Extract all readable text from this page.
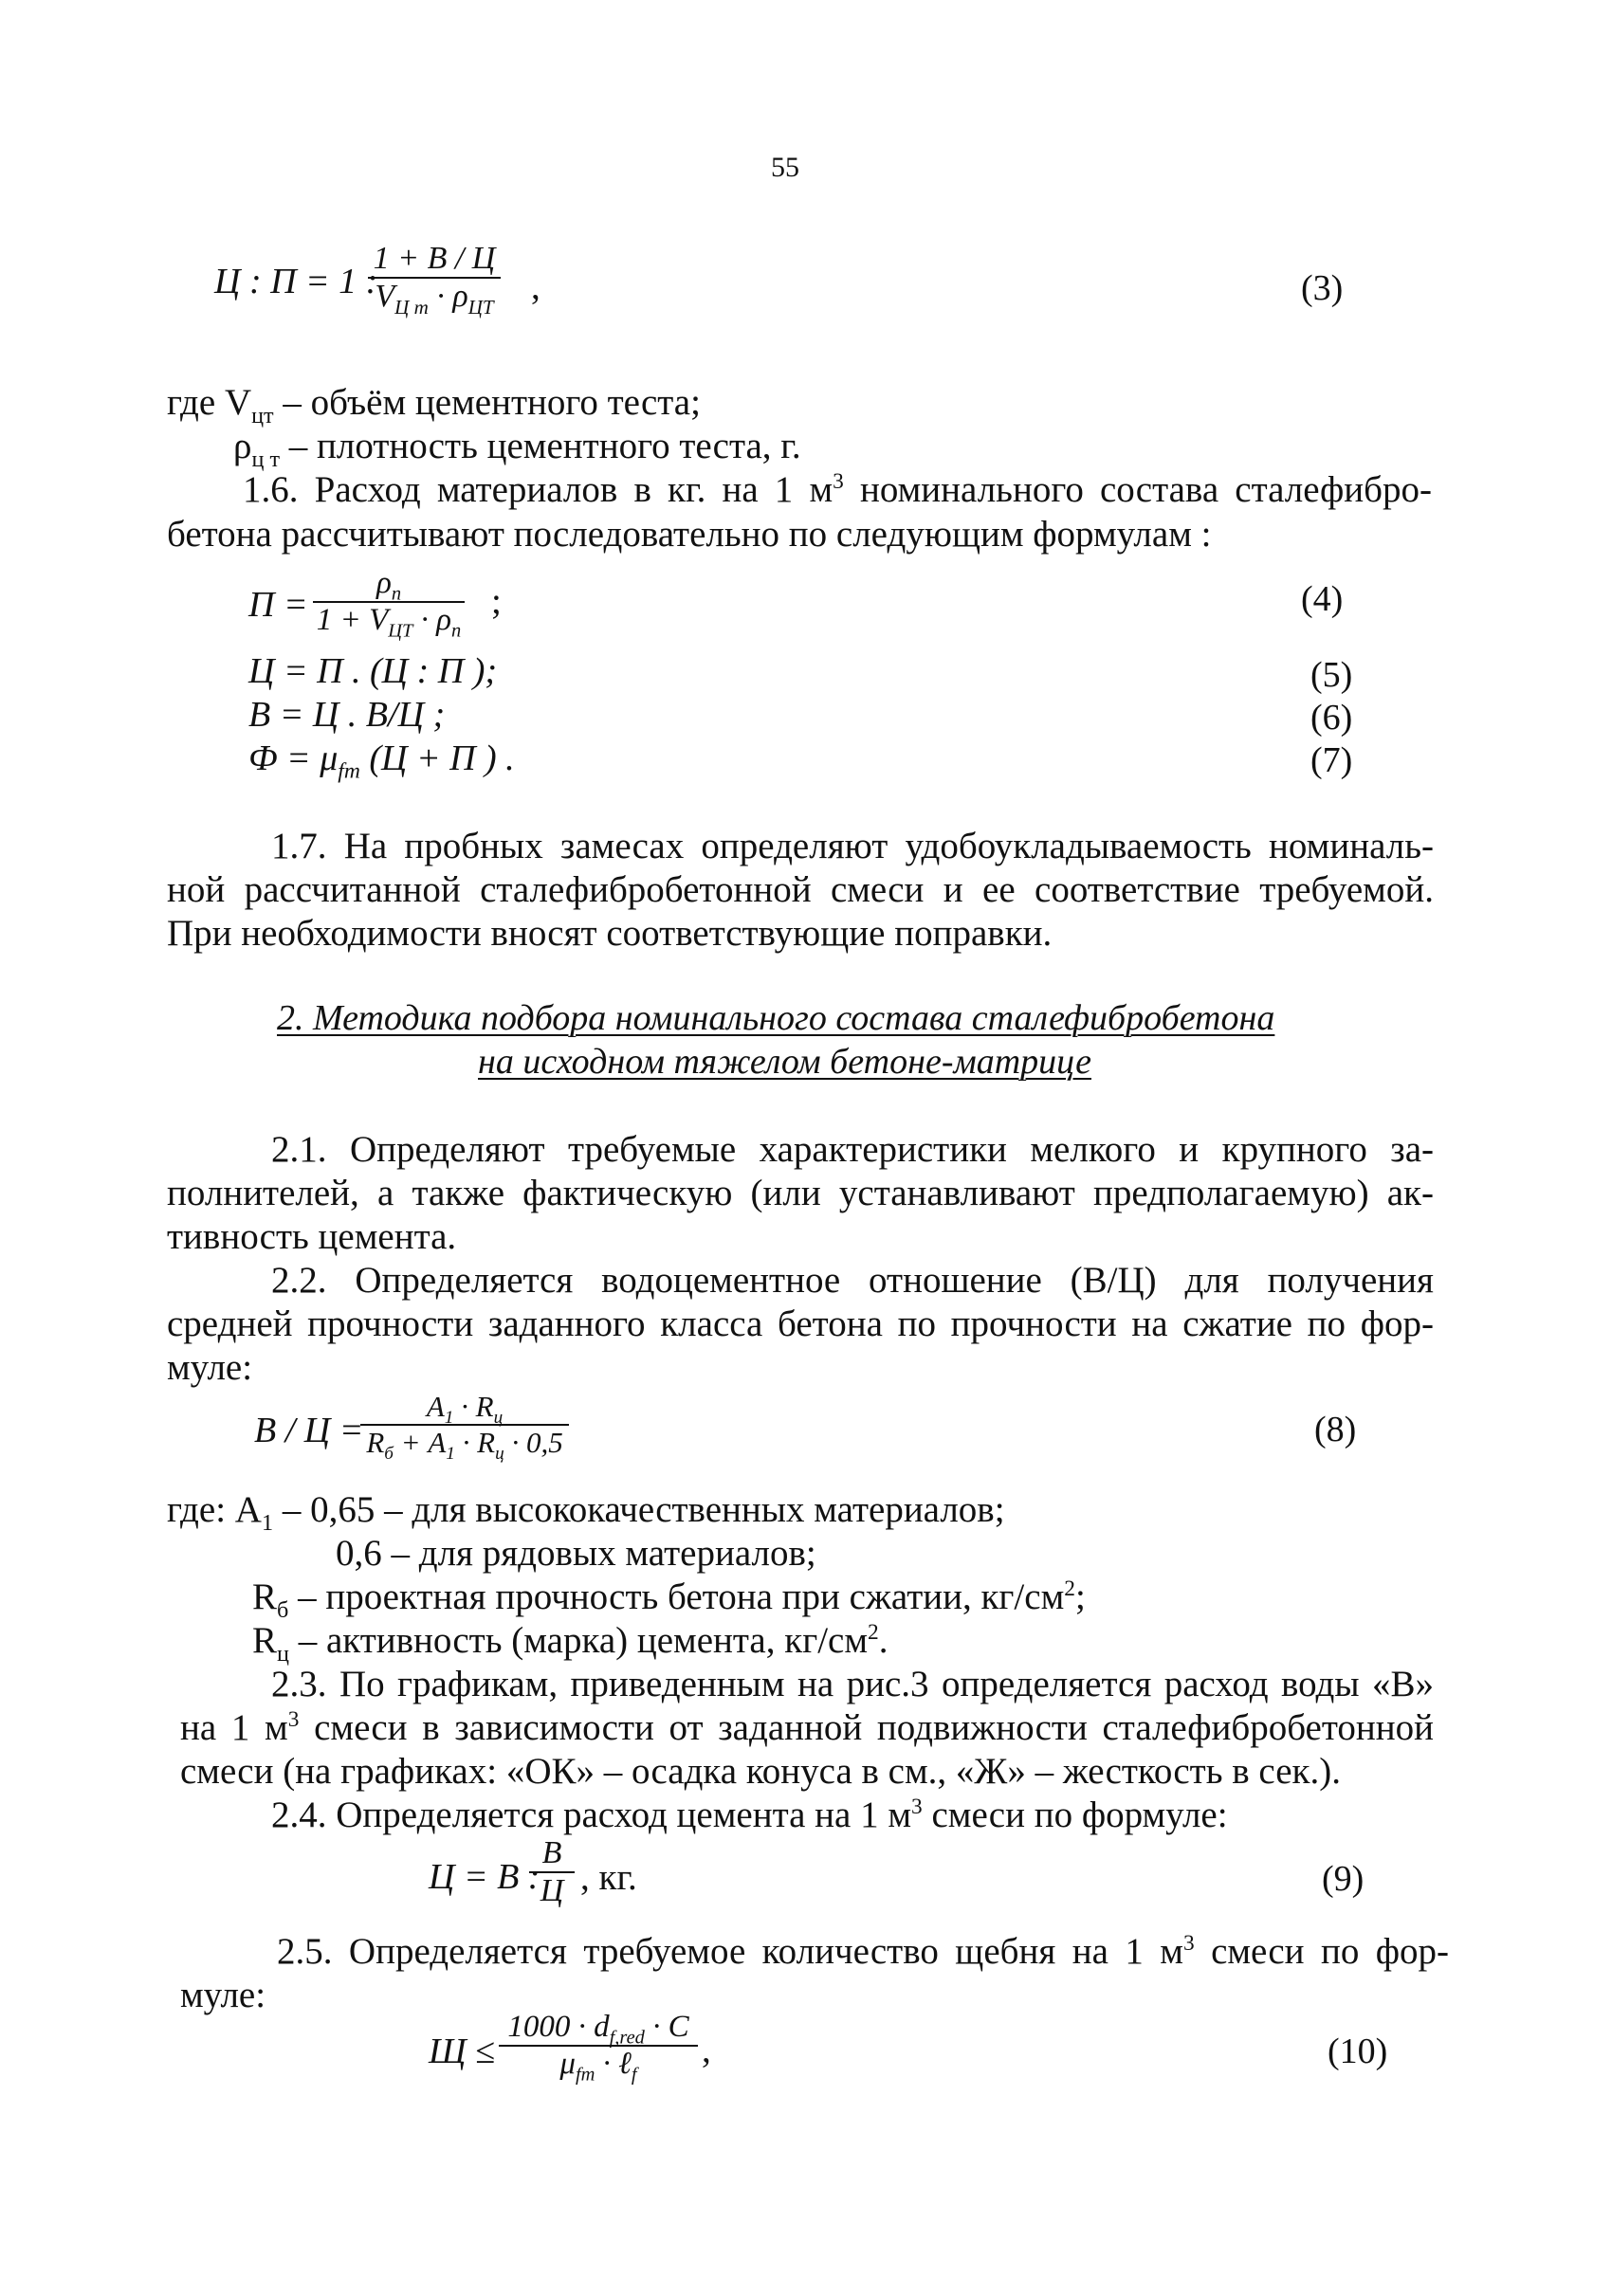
55
Ц : П = 1 :
1 + В / Ц
$V_{Ц т} \cdot \rho_{ЦТ}$ ,	(3)
где $V_{цт}$ – объём цементного теста;
$\rho_{ц т}$ – плотность цементного теста, г.
1.6. Расход материалов в кг. на 1 $м^3$ номинального состава сталефибро-
бетона рассчитывают последовательно по следующим формулам :
П =
$\rho_п$
$1 + V_{ЦТ} \cdot \rho_п$
;	(4)
Ц = П . (Ц : П );	(5)
В = Ц . В/Ц ;	(6)
$Ф = \mu_{fm}$ (Ц + П ) .	(7)
1.7. На пробных замесах определяют удобоукладываемость номиналь-
ной рассчитанной сталефибробетонной смеси и ее соответствие требуемой.
При необходимости вносят соответствующие поправки.
2. Методика подбора номинального состава сталефибробетона
на исходном тяжелом бетоне-матрице
2.1. Определяют требуемые характеристики мелкого и крупного за-
полнителей, а также фактическую (или устанавливают предполагаемую) ак-
тивность цемента.
2.2. Определяется водоцементное отношение (В/Ц) для получения
средней прочности заданного класса бетона по прочности на сжатие по фор-
муле:
В / Ц =
$A_1 \cdot R_ц$
$R_б + A_1 \cdot R_ц \cdot 0,5$	(8)
где: $A_1 - 0,65$ – для высококачественных материалов;
0,6 – для рядовых материалов;
$R_б$ – проектная прочность бетона при сжатии, $кг/см^2$;
$R_ц$ – активность (марка) цемента, $кг/см^2$.
2.3. По графикам, приведенным на рис.3 определяется расход воды «В»
на 1 $м^3$ смеси в зависимости от заданной подвижности сталефибробетонной
смеси (на графиках: «ОК» – осадка конуса в см., «Ж» – жесткость в сек.).
2.4. Определяется расход цемента на 1 $м^3$ смеси по формуле:
Ц = В :
В
Ц , кг.	(9)
2.5. Определяется требуемое количество щебня на 1 $м^3$ смеси по фор-
муле:
Щ ≤
$1000 \cdot d_{f,red} \cdot C$
$\mu_{fm}$ · ℓ$_f$
,	(10)
